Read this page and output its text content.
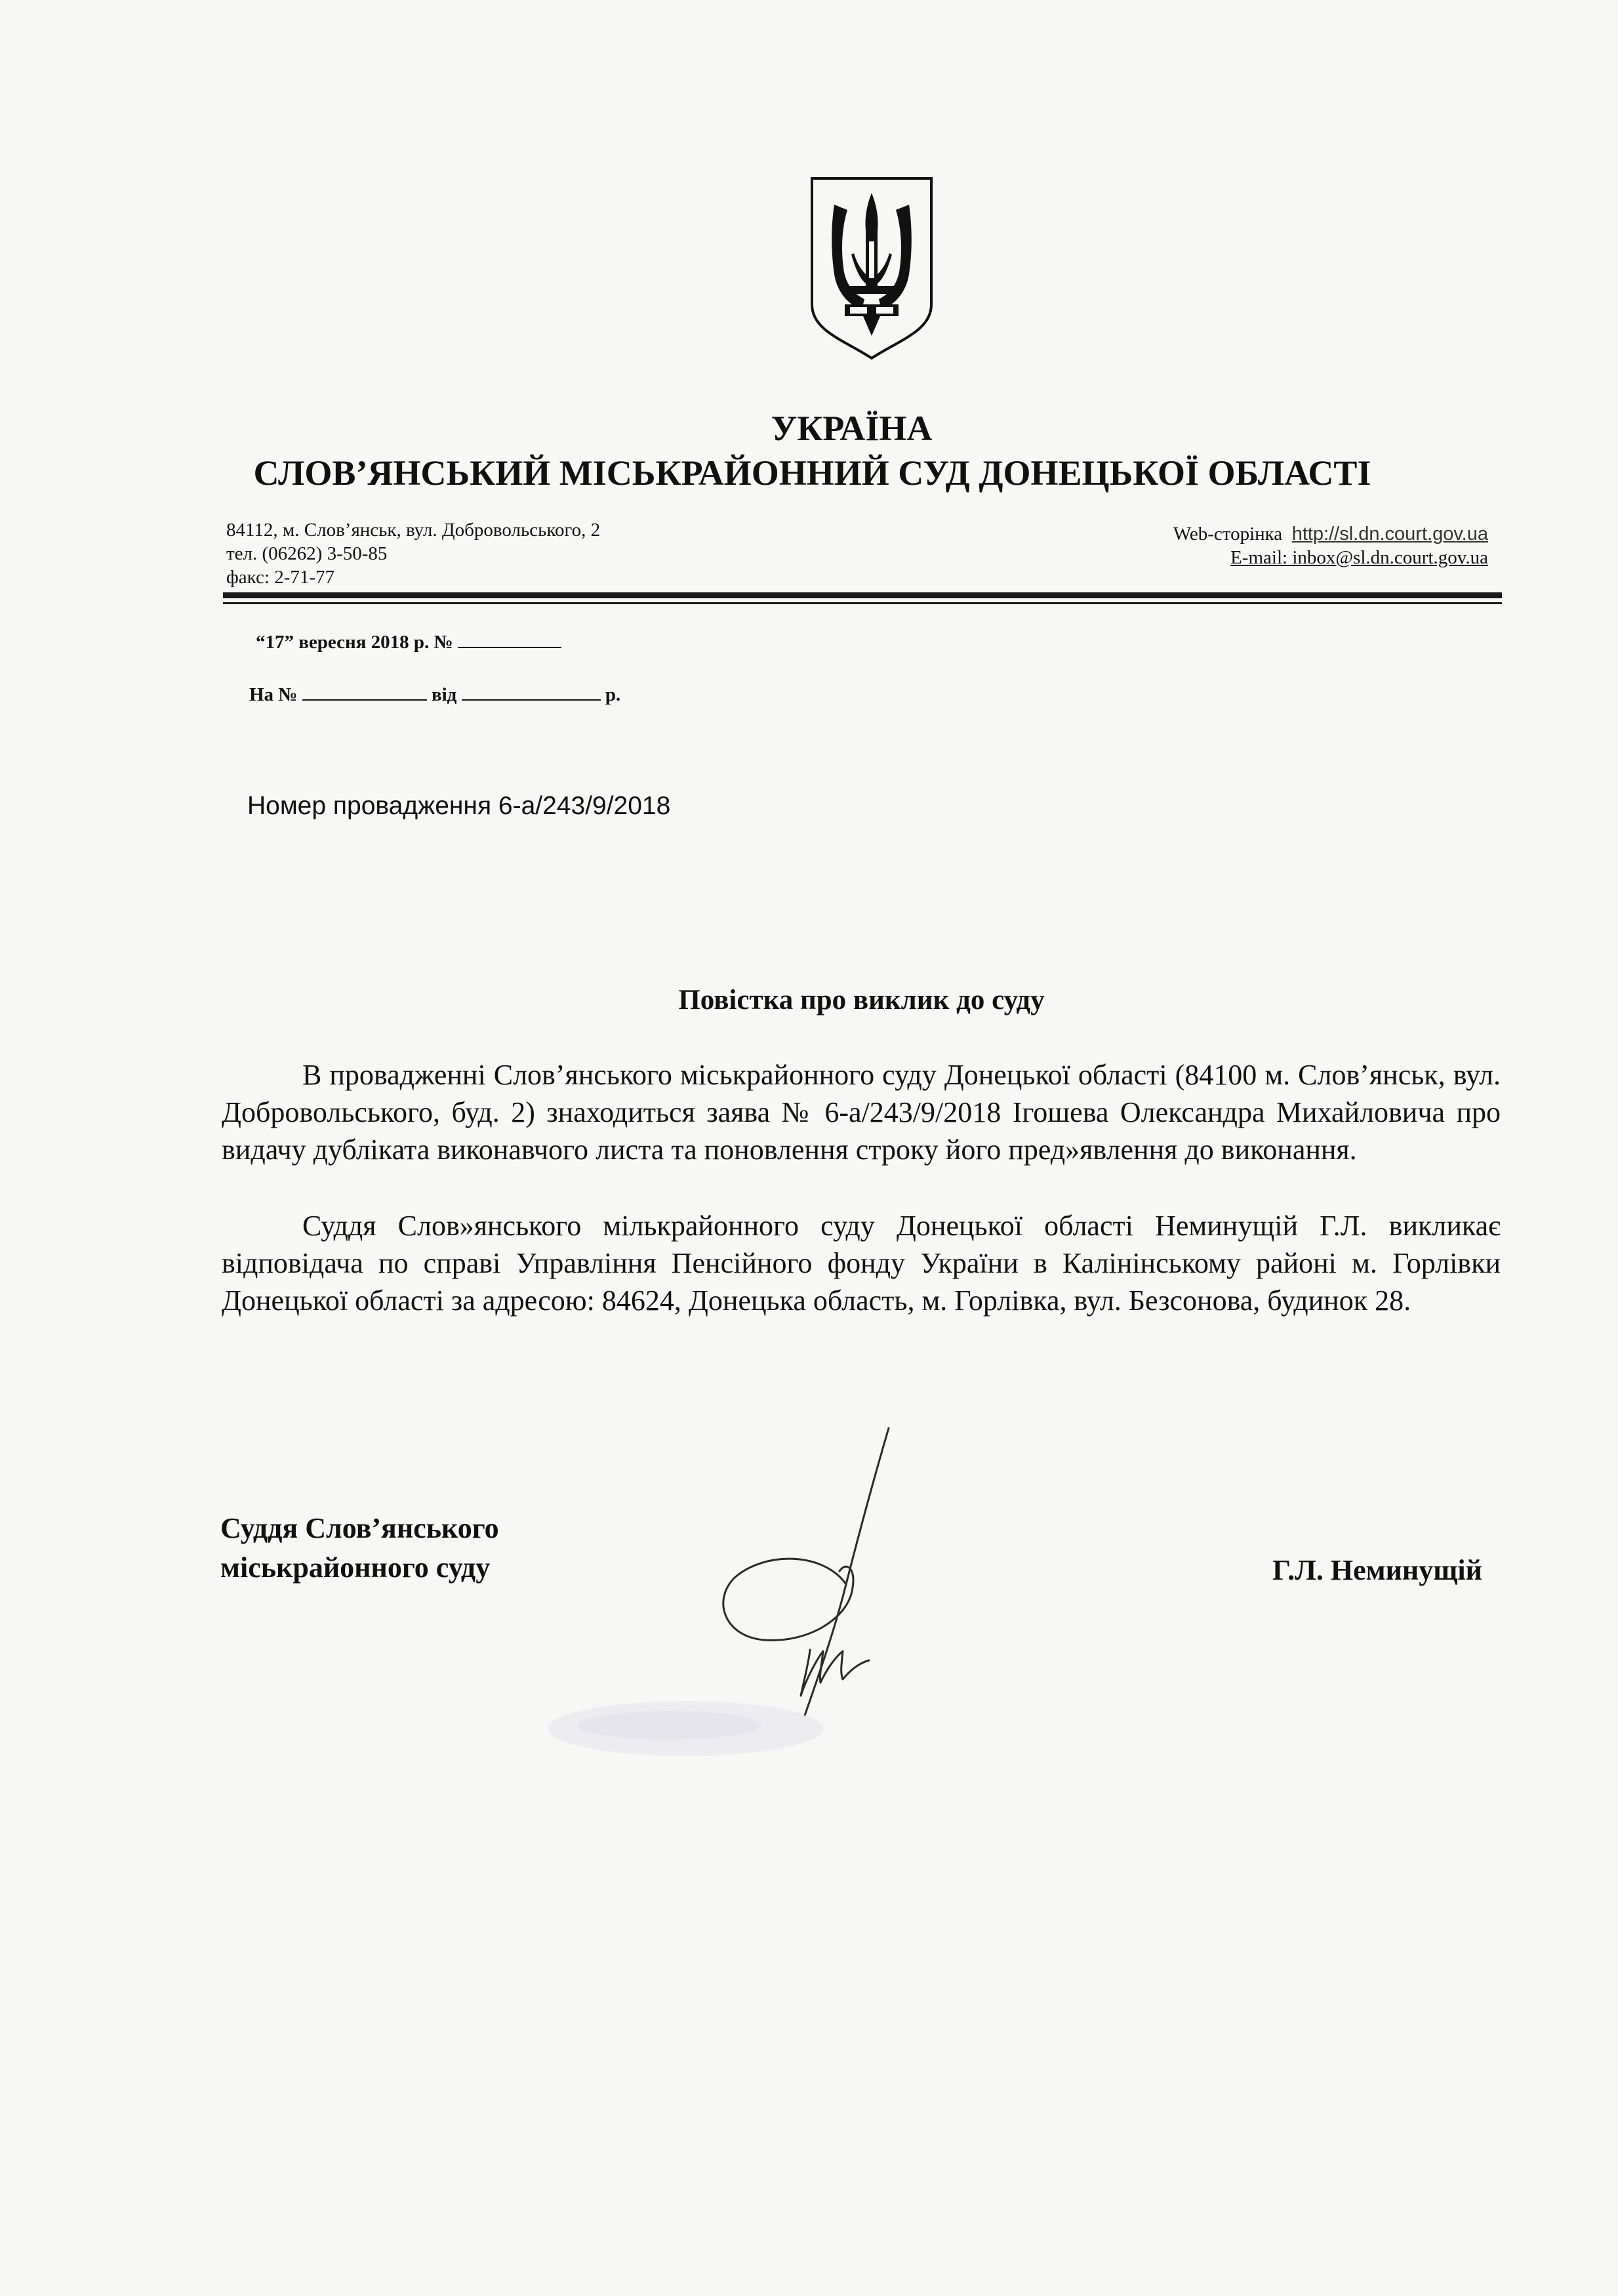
УКРАЇНА
СЛОВ’ЯНСЬКИЙ МІСЬКРАЙОННИЙ СУД ДОНЕЦЬКОЇ ОБЛАСТІ
84112, м. Слов’янськ, вул. Добровольського, 2
тел. (06262) 3-50-85
факс: 2-71-77
Web-сторінка http://sl.dn.court.gov.ua
E-mail: inbox@sl.dn.court.gov.ua
“17” вересня 2018 р. №
На №	від	р.
Номер провадження 6-а/243/9/2018
Повістка про виклик до суду
В провадженні Слов’янського міськрайонного суду Донецької області (84100 м. Слов’янськ, вул. Добровольського, буд. 2) знаходиться заява № 6-а/243/9/2018 Ігошева Олександра Михайловича про видачу дубліката виконавчого листа та поновлення строку його пред»явлення до виконання.
Суддя Слов»янського мількрайонного суду Донецької області Неминущій Г.Л. викликає відповідача по справі Управління Пенсійного фонду України в Калінінському районі м. Горлівки Донецької області за адресою: 84624, Донецька область, м. Горлівка, вул. Безсонова, будинок 28.
Суддя Слов’янського
міськрайонного суду	Г.Л. Неминущій
